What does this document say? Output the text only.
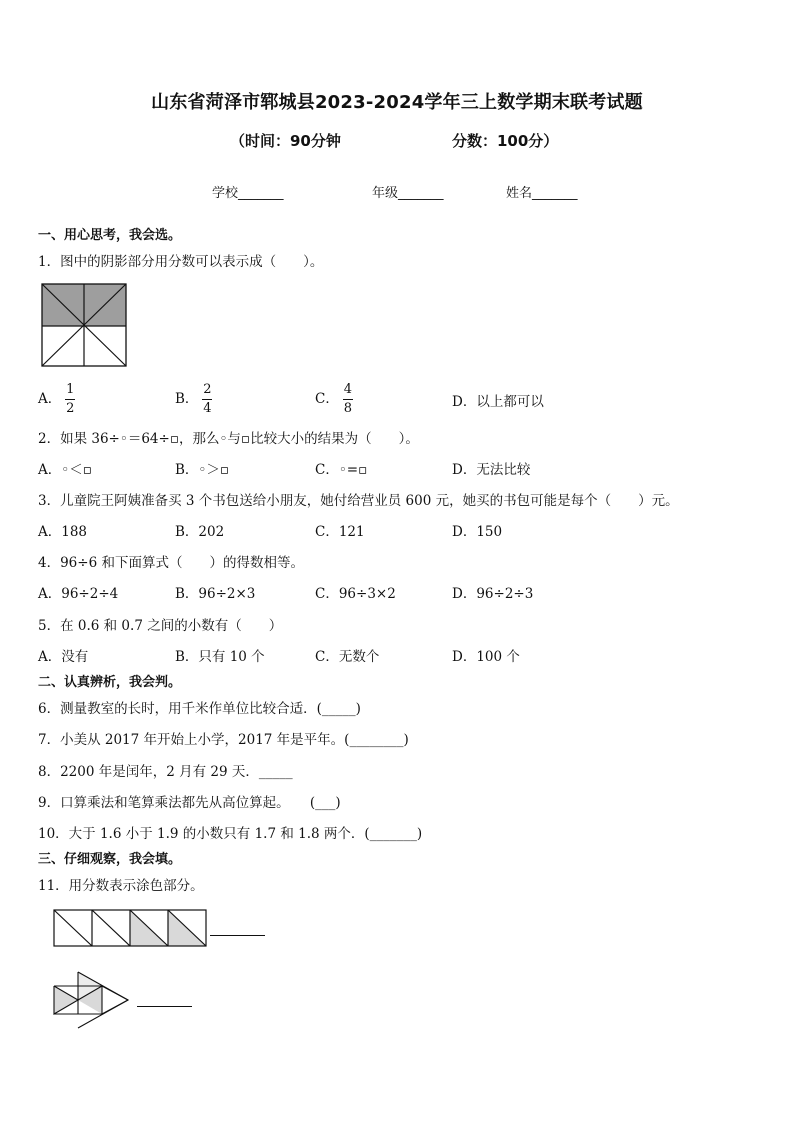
山东省菏泽市郓城县2023-2024学年三上数学期末联考试题
（时间：90分钟	分数：100分）
学校_______	年级_______	姓名_______
一、用心思考，我会选。
1．图中的阴影部分用分数可以表示成（　　）。
A． $\frac{1}{2}$	B． $\frac{2}{4}$	C． $\frac{4}{8}$	D．以上都可以
2．如果 36÷◦＝64÷▫，那么◦与▫比较大小的结果为（　　）。
A．◦＜▫	B．◦＞▫	C．◦=▫	D．无法比较
3．儿童院王阿姨准备买 3 个书包送给小朋友，她付给营业员 600 元，她买的书包可能是每个（　　）元。
A．188	B．202	C．121	D．150
4．96÷6 和下面算式（　　）的得数相等。
A．96÷2÷4	B．96÷2×3	C．96÷3×2	D．96÷2÷3
5．在 0.6 和 0.7 之间的小数有（　　）
A．没有	B．只有 10 个	C．无数个	D．100 个
二、认真辨析，我会判。
6．测量教室的长时，用千米作单位比较合适．(_____)
7．小美从 2017 年开始上小学，2017 年是平年。(________)
8．2200 年是闰年，2 月有 29 天．_____
9．口算乘法和笔算乘法都先从高位算起。　　(___)
10．大于 1.6 小于 1.9 的小数只有 1.7 和 1.8 两个．(_______)
三、仔细观察，我会填。
11．用分数表示涂色部分。
